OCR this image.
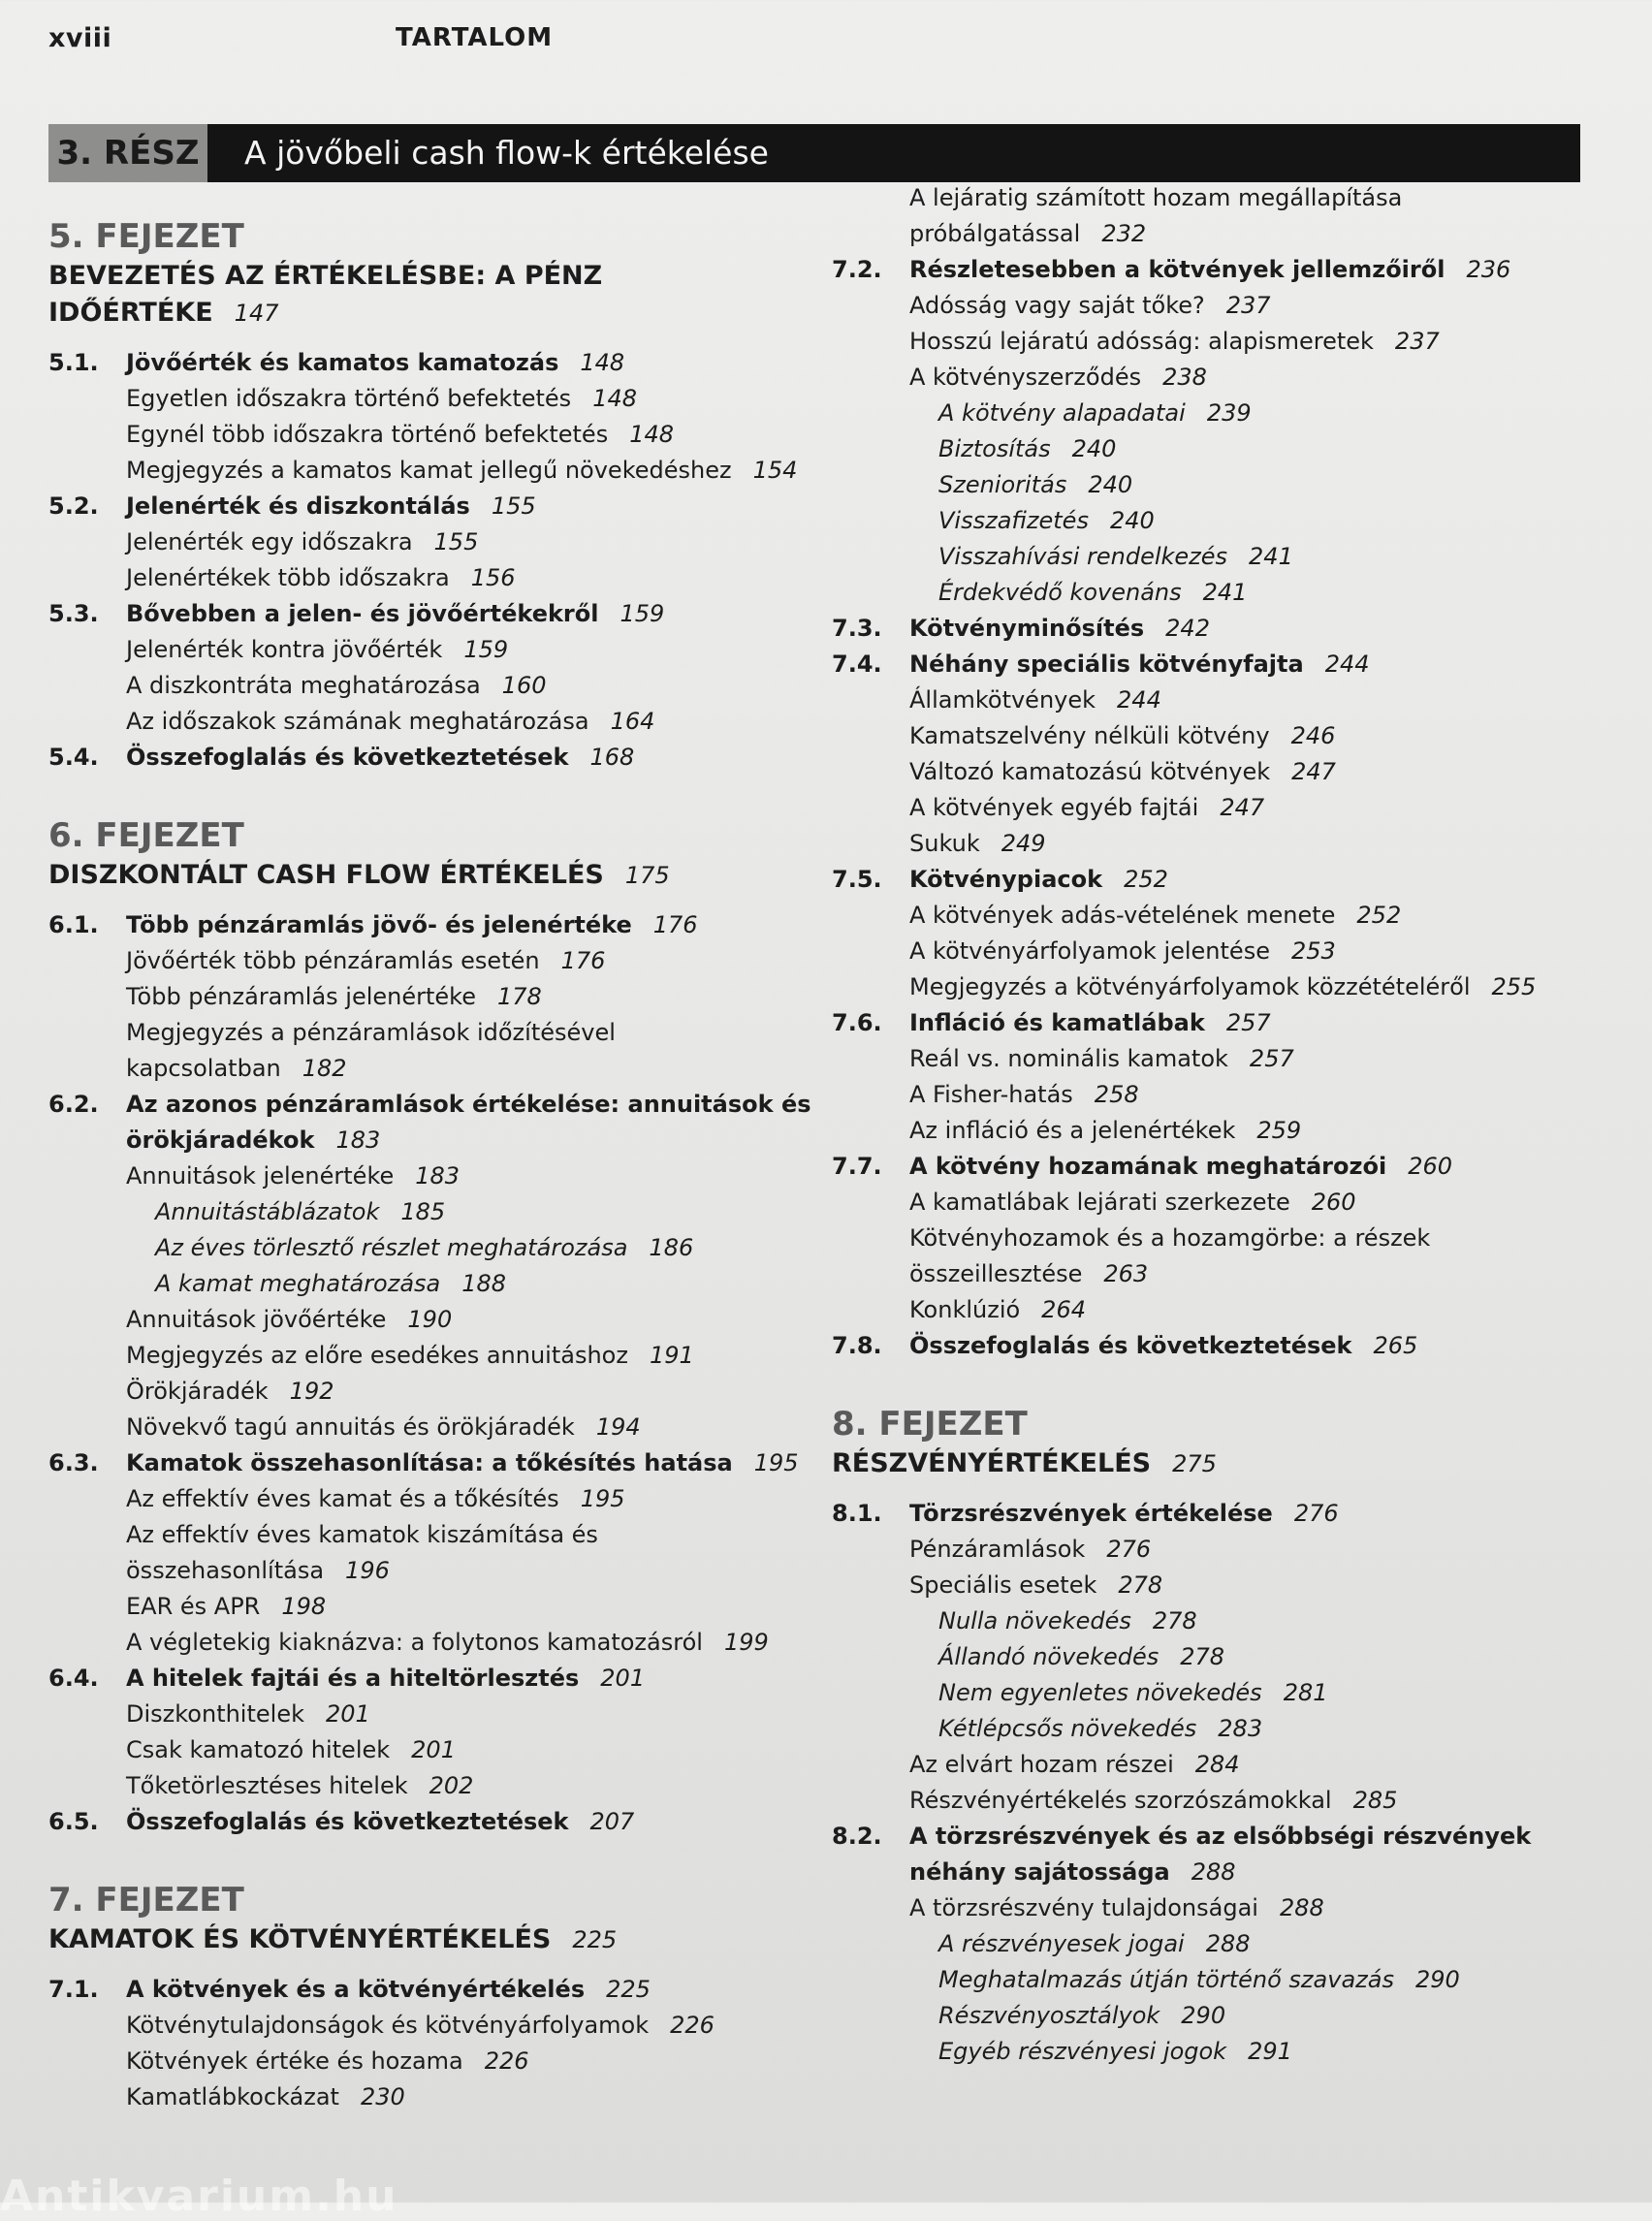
xviii	TARTALOM
3. RÉSZ A jövőbeli cash flow-k értékelése
5. FEJEZET
BEVEZETÉS AZ ÉRTÉKELÉSBE: A PÉNZ IDŐÉRTÉKE 147
5.1.	Jövőérték és kamatos kamatozás 148
Egyetlen időszakra történő befektetés 148
Egynél több időszakra történő befektetés 148
Megjegyzés a kamatos kamat jellegű növekedéshez 154
5.2.	Jelenérték és diszkontálás 155
Jelenérték egy időszakra 155
Jelenértékek több időszakra 156
5.3.	Bővebben a jelen- és jövőértékekről 159
Jelenérték kontra jövőérték 159
A diszkontráta meghatározása 160
Az időszakok számának meghatározása 164
5.4.	Összefoglalás és következtetések 168
6. FEJEZET
DISZKONTÁLT CASH FLOW ÉRTÉKELÉS 175
6.1.	Több pénzáramlás jövő- és jelenértéke 176
Jövőérték több pénzáramlás esetén 176
Több pénzáramlás jelenértéke 178
Megjegyzés a pénzáramlások időzítésével kapcsolatban 182
6.2.	Az azonos pénzáramlások értékelése: annuitások és örökjáradékok 183
Annuitások jelenértéke 183
Annuitástáblázatok 185
Az éves törlesztő részlet meghatározása 186
A kamat meghatározása 188
Annuitások jövőértéke 190
Megjegyzés az előre esedékes annuitáshoz 191
Örökjáradék 192
Növekvő tagú annuitás és örökjáradék 194
6.3.	Kamatok összehasonlítása: a tőkésítés hatása 195
Az effektív éves kamat és a tőkésítés 195
Az effektív éves kamatok kiszámítása és összehasonlítása 196
EAR és APR 198
A végletekig kiaknázva: a folytonos kamatozásról 199
6.4.	A hitelek fajtái és a hiteltörlesztés 201
Diszkonthitelek 201
Csak kamatozó hitelek 201
Tőketörlesztéses hitelek 202
6.5.	Összefoglalás és következtetések 207
7. FEJEZET
KAMATOK ÉS KÖTVÉNYÉRTÉKELÉS 225
7.1.	A kötvények és a kötvényértékelés 225
Kötvénytulajdonságok és kötvényárfolyamok 226
Kötvények értéke és hozama 226
Kamatlábkockázat 230
A lejáratig számított hozam megállapítása próbálgatással 232
7.2.	Részletesebben a kötvények jellemzőiről 236
Adósság vagy saját tőke? 237
Hosszú lejáratú adósság: alapismeretek 237
A kötvényszerződés 238
A kötvény alapadatai 239
Biztosítás 240
Szenioritás 240
Visszafizetés 240
Visszahívási rendelkezés 241
Érdekvédő kovenáns 241
7.3.	Kötvényminősítés 242
7.4.	Néhány speciális kötvényfajta 244
Államkötvények 244
Kamatszelvény nélküli kötvény 246
Változó kamatozású kötvények 247
A kötvények egyéb fajtái 247
Sukuk 249
7.5.	Kötvénypiacok 252
A kötvények adás-vételének menete 252
A kötvényárfolyamok jelentése 253
Megjegyzés a kötvényárfolyamok közzétételéről 255
7.6.	Infláció és kamatlábak 257
Reál vs. nominális kamatok 257
A Fisher-hatás 258
Az infláció és a jelenértékek 259
7.7.	A kötvény hozamának meghatározói 260
A kamatlábak lejárati szerkezete 260
Kötvényhozamok és a hozamgörbe: a részek összeillesztése 263
Konklúzió 264
7.8.	Összefoglalás és következtetések 265
8. FEJEZET
RÉSZVÉNYÉRTÉKELÉS 275
8.1.	Törzsrészvények értékelése 276
Pénzáramlások 276
Speciális esetek 278
Nulla növekedés 278
Állandó növekedés 278
Nem egyenletes növekedés 281
Kétlépcsős növekedés 283
Az elvárt hozam részei 284
Részvényértékelés szorzószámokkal 285
8.2.	A törzsrészvények és az elsőbbségi részvények néhány sajátossága 288
A törzsrészvény tulajdonságai 288
A részvényesek jogai 288
Meghatalmazás útján történő szavazás 290
Részvényosztályok 290
Egyéb részvényesi jogok 291
Antikvarium.hu
